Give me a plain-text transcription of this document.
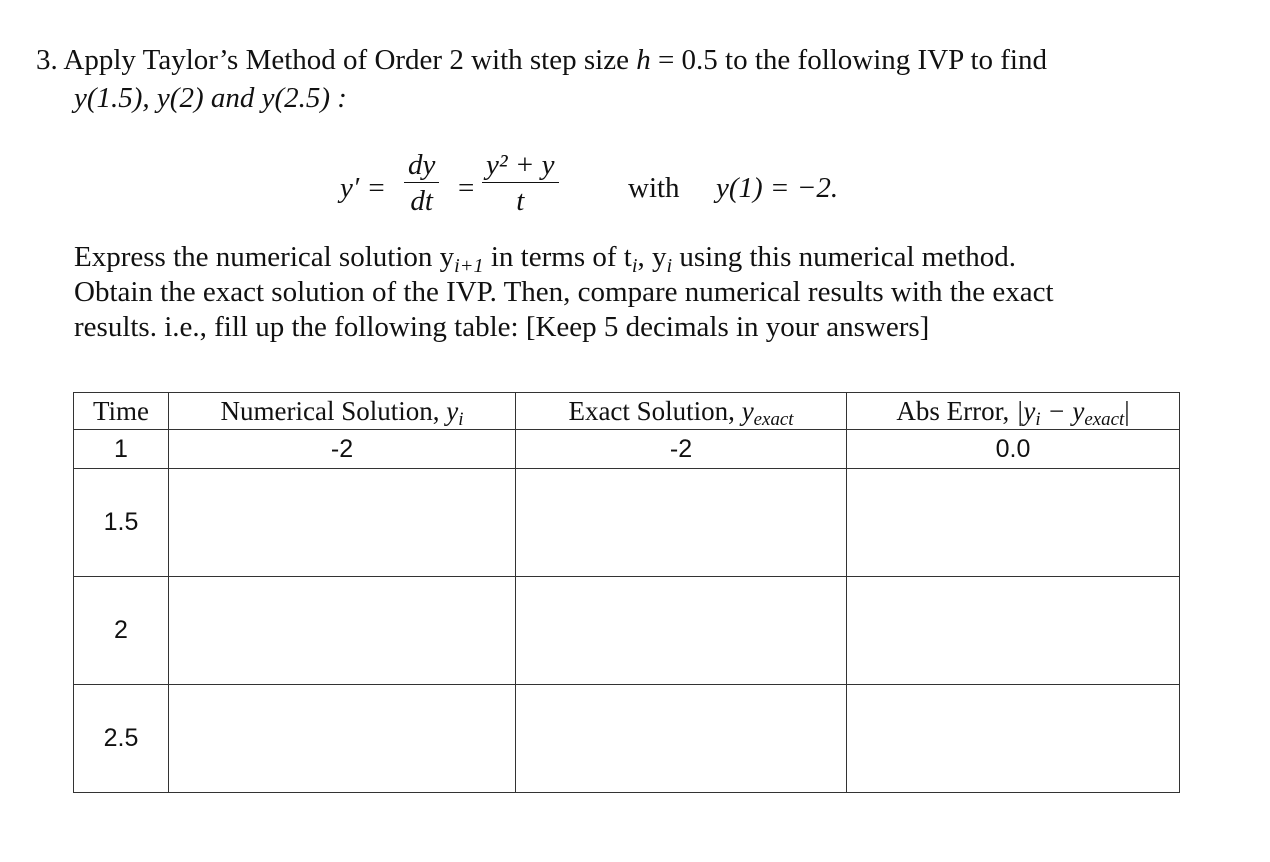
3. Apply Taylor’s Method of Order 2 with step size h = 0.5 to the following IVP to find
y(1.5), y(2) and y(2.5) :
$y' = \frac{dy}{dt} = \frac{\text{y² + y}}{t}$ with y(1) = −2.
Express the numerical solution yi+1 in terms of ti, yi using this numerical method.
Obtain the exact solution of the IVP. Then, compare numerical results with the exact
results. i.e., fill up the following table: [Keep 5 decimals in your answers]
Time	Numerical Solution, yi	Exact Solution, yexact	Abs Error, |yi − yexact|
1	-2	-2	0.0
1.5			
2			
2.5			
